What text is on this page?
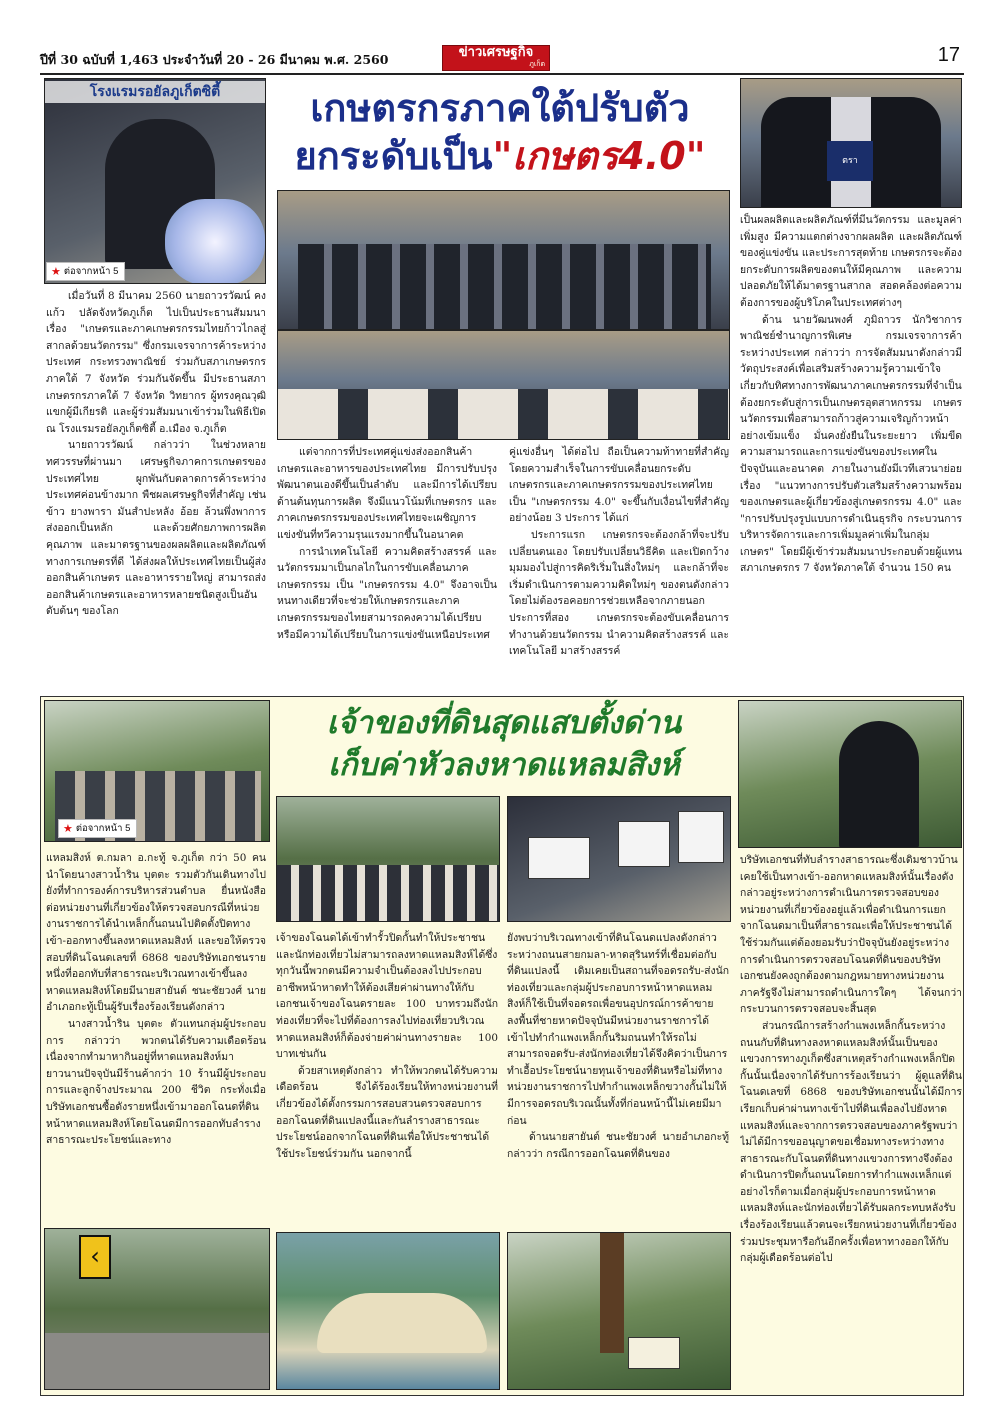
ปีที่ 30 ฉบับที่ 1,463 ประจำวันที่ 20 - 26 มีนาคม พ.ศ. 2560	ข่าวเศรษฐกิจ
ภูเก็ต	17
โรงแรมรอยัลภูเก็ตซิตี้
★ ต่อจากหน้า 5
เกษตรกรภาคใต้ปรับตัว
ยกระดับเป็น"เกษตร4.0"	ตรา

เมื่อวันที่ 8 มีนาคม 2560 นายถาวรวัฒน์ คงแก้ว ปลัดจังหวัดภูเก็ต ไปเป็นประธานสัมมนา เรื่อง "เกษตรและภาคเกษตรกรรมไทยก้าวไกลสู่สากลด้วยนวัตกรรม" ซึ่งกรมเจรจาการค้าระหว่างประเทศ กระทรวงพาณิชย์ ร่วมกับสภาเกษตรกรภาคใต้ 7 จังหวัด ร่วมกันจัดขึ้น มีประธานสภาเกษตรกรภาคใต้ 7 จังหวัด วิทยากร ผู้ทรงคุณวุฒิ แขกผู้มีเกียรติ และผู้ร่วมสัมมนาเข้าร่วมในพิธีเปิด ณ โรงแรมรอยัลภูเก็ตซิตี้ อ.เมือง จ.ภูเก็ต

นายถาวรวัฒน์ กล่าวว่า ในช่วงหลายทศวรรษที่ผ่านมา เศรษฐกิจภาคการเกษตรของประเทศไทย ผูกพันกับตลาดการค้าระหว่างประเทศค่อนข้างมาก พืชผลเศรษฐกิจที่สำคัญ เช่น ข้าว ยางพารา มันสำปะหลัง อ้อย ล้วนพึ่งพาการส่งออกเป็นหลัก และด้วยศักยภาพการผลิต คุณภาพ และมาตรฐานของผลผลิตและผลิตภัณฑ์ทางการเกษตรที่ดี ได้ส่งผลให้ประเทศไทยเป็นผู้ส่งออกสินค้าเกษตร และอาหารรายใหญ่ สามารถส่งออกสินค้าเกษตรและอาหารหลายชนิดสูงเป็นอันดับต้นๆ ของโลก

แต่จากการที่ประเทศคู่แข่งส่งออกสินค้าเกษตรและอาหารของประเทศไทย มีการปรับปรุงพัฒนาตนเองดีขึ้นเป็นลำดับ และมีการได้เปรียบด้านต้นทุนการผลิต จึงมีแนวโน้มที่เกษตรกร และภาคเกษตรกรรมของประเทศไทยจะเผชิญการแข่งขันที่ทวีความรุนแรงมากขึ้นในอนาคต

การนำเทคโนโลยี ความคิดสร้างสรรค์ และนวัตกรรมมาเป็นกลไกในการขับเคลื่อนภาคเกษตรกรรม เป็น "เกษตรกรรม 4.0" จึงอาจเป็นหนทางเดียวที่จะช่วยให้เกษตรกรและภาคเกษตรกรรมของไทยสามารถคงความได้เปรียบหรือมีความได้เปรียบในการแข่งขันเหนือประเทศ

คู่แข่งอื่นๆ ได้ต่อไป ถือเป็นความท้าทายที่สำคัญ โดยความสำเร็จในการขับเคลื่อนยกระดับเกษตรกรและภาคเกษตรกรรมของประเทศไทย เป็น "เกษตรกรรม 4.0" จะขึ้นกับเงื่อนไขที่สำคัญอย่างน้อย 3 ประการ ได้แก่

ประการแรก เกษตรกรจะต้องกล้าที่จะปรับเปลี่ยนตนเอง โดยปรับเปลี่ยนวิธีคิด และเปิดกว้างมุมมองไปสู่การคิดริเริ่มในสิ่งใหม่ๆ และกล้าที่จะเริ่มดำเนินการตามความคิดใหม่ๆ ของตนดังกล่าว โดยไม่ต้องรอคอยการช่วยเหลือจากภายนอก ประการที่สอง เกษตรกรจะต้องขับเคลื่อนการทำงานด้วยนวัตกรรม นำความคิดสร้างสรรค์ และเทคโนโลยี มาสร้างสรรค์

เป็นผลผลิตและผลิตภัณฑ์ที่มีนวัตกรรม และมูลค่าเพิ่มสูง มีความแตกต่างจากผลผลิต และผลิตภัณฑ์ของคู่แข่งขัน และประการสุดท้าย เกษตรกรจะต้องยกระดับการผลิตของตนให้มีคุณภาพ และความปลอดภัยให้ได้มาตรฐานสากล สอดคล้องต่อความต้องการของผู้บริโภคในประเทศต่างๆ

ด้าน นายวัฒนพงศ์ ภูมิถาวร นักวิชาการพาณิชย์ชำนาญการพิเศษ กรมเจรจาการค้าระหว่างประเทศ กล่าวว่า การจัดสัมมนาดังกล่าวมีวัตถุประสงค์เพื่อเสริมสร้างความรู้ความเข้าใจเกี่ยวกับทิศทางการพัฒนาภาคเกษตรกรรมที่จำเป็นต้องยกระดับสู่การเป็นเกษตรอุตสาหกรรม เกษตรนวัตกรรมเพื่อสามารถก้าวสู่ความเจริญก้าวหน้าอย่างเข้มแข็ง มั่นคงยั่งยืนในระยะยาว เพิ่มขีดความสามารถและการแข่งขันของประเทศในปัจจุบันและอนาคต ภายในงานยังมีเวทีเสวนาย่อยเรื่อง "แนวทางการปรับตัวเสริมสร้างความพร้อมของเกษตรและผู้เกี่ยวข้องสู่เกษตรกรรม 4.0" และ "การปรับปรุงรูปแบบการดำเนินธุรกิจ กระบวนการบริหารจัดการและการเพิ่มมูลค่าเพิ่มในกลุ่มเกษตร" โดยมีผู้เข้าร่วมสัมมนาประกอบด้วยผู้แทนสภาเกษตรกร 7 จังหวัดภาคใต้ จำนวน 150 คน

★ ต่อจากหน้า 5
เจ้าของที่ดินสุดแสบตั้งด่าน
เก็บค่าหัวลงหาดแหลมสิงห์

แหลมสิงห์ ต.กมลา อ.กะทู้ จ.ภูเก็ต กว่า 50 คน นำโดยนางสาวน้ำริน บุตตะ รวมตัวกันเดินทางไปยังที่ทำการองค์การบริหารส่วนตำบล ยื่นหนังสือต่อหน่วยงานที่เกี่ยวข้องให้ตรวจสอบกรณีที่หน่วยงานราชการได้นำเหล็กกั้นถนนไปติดตั้งปิดทางเข้า-ออกทางขึ้นลงหาดแหลมสิงห์ และขอให้ตรวจสอบที่ดินโฉนดเลขที่ 6868 ของบริษัทเอกชนรายหนึ่งที่ออกทับที่สาธารณะบริเวณทางเข้าขึ้นลงหาดแหลมสิงห์โดยมีนายสายันต์ ชนะชัยวงศ์ นายอำเภอกะทู้เป็นผู้รับเรื่องร้องเรียนดังกล่าว

นางสาวน้ำริน บุตตะ ตัวแทนกลุ่มผู้ประกอบการ กล่าวว่า พวกตนได้รับความเดือดร้อนเนื่องจากทำมาหากินอยู่ที่หาดแหลมสิงห์มายาวนานปัจจุบันมีร้านค้ากว่า 10 ร้านมีผู้ประกอบการและลูกจ้างประมาณ 200 ชีวิต กระทั่งเมื่อบริษัทเอกชนซื้อดังรายหนึ่งเข้ามาออกโฉนดที่ดินหน้าหาดแหลมสิงห์โดยโฉนดมีการออกทับลำรางสาธารณะประโยชน์และทาง

เจ้าของโฉนดได้เข้าทำรั้วปิดกั้นทำให้ประชาชนและนักท่องเที่ยวไม่สามารถลงหาดแหลมสิงห์ได้ซึ่งทุกวันนี้พวกตนมีความจำเป็นต้องลงไปประกอบอาชีพหน้าหาดทำให้ต้องเสียค่าผ่านทางให้กับเอกชนเจ้าของโฉนดรายละ 100 บาทรวมถึงนักท่องเที่ยวที่จะไปที่ต้องการลงไปท่องเที่ยวบริเวณหาดแหลมสิงห์ก็ต้องจ่ายค่าผ่านทางรายละ 100 บาทเช่นกัน

ด้วยสาเหตุดังกล่าว ทำให้พวกตนได้รับความเดือดร้อน จึงได้ร้องเรียนให้ทางหน่วยงานที่เกี่ยวข้องได้ตั้งกรรมการสอบสวนตรวจสอบการออกโฉนดที่ดินแปลงนี้และกันลำรางสาธารณะประโยชน์ออกจากโฉนดที่ดินเพื่อให้ประชาชนได้ใช้ประโยชน์ร่วมกัน นอกจากนี้

ยังพบว่าบริเวณทางเข้าที่ดินโฉนดแปลงดังกล่าวระหว่างถนนสายกมลา-หาดสุรินทร์ที่เชื่อมต่อกับที่ดินแปลงนี้ เดิมเคยเป็นสถานที่จอดรถรับ-ส่งนักท่องเที่ยวและกลุ่มผู้ประกอบการหน้าหาดแหลมสิงห์ก็ใช้เป็นที่จอดรถเพื่อขนอุปกรณ์การค้าขายลงพื้นที่ชายหาดปัจจุบันมีหน่วยงานราชการได้เข้าไปทำกำแพงเหล็กกั้นริมถนนทำให้รถไม่สามารถจอดรับ-ส่งนักท่องเที่ยวได้จึงคิดว่าเป็นการทำเอื้อประโยชน์นายทุนเจ้าของที่ดินหรือไม่ที่ทางหน่วยงานราชการไปทำกำแพงเหล็กขวางกั้นไม่ให้มีการจอดรถบริเวณนั้นทั้งที่ก่อนหน้านี้ไม่เคยมีมาก่อน

ด้านนายสายันต์ ชนะชัยวงศ์ นายอำเภอกะทู้ กล่าวว่า กรณีการออกโฉนดที่ดินของ

บริษัทเอกชนที่ทับลำรางสาธารณะซึ่งเดิมชาวบ้านเคยใช้เป็นทางเข้า-ออกหาดแหลมสิงห์นั้นเรื่องดังกล่าวอยู่ระหว่างการดำเนินการตรวจสอบของหน่วยงานที่เกี่ยวข้องอยู่แล้วเพื่อดำเนินการแยกจากโฉนดมาเป็นที่สาธารณะเพื่อให้ประชาชนได้ใช้ร่วมกันแต่ต้องยอมรับว่าปัจจุบันยังอยู่ระหว่างการดำเนินการตรวจสอบโฉนดที่ดินของบริษัทเอกชนยังคงถูกต้องตามกฎหมายทางหน่วยงานภาครัฐจึงไม่สามารถดำเนินการใดๆ ได้จนกว่ากระบวนการตรวจสอบจะสิ้นสุด

ส่วนกรณีการสร้างกำแพงเหล็กกั้นระหว่างถนนกับที่ดินทางลงหาดแหลมสิงห์นั้นเป็นของแขวงการทางภูเก็ตซึ่งสาเหตุสร้างกำแพงเหล็กปิดกั้นนั้นเนื่องจากได้รับการร้องเรียนว่า ผู้ดูแลที่ดินโฉนดเลขที่ 6868 ของบริษัทเอกชนนั้นได้มีการเรียกเก็บค่าผ่านทางเข้าไปที่ดินเพื่อลงไปยังหาดแหลมสิงห์และจากการตรวจสอบของภาครัฐพบว่าไม่ได้มีการขออนุญาตขอเชื่อมทางระหว่างทางสาธารณะกับโฉนดที่ดินทางแขวงการทางจึงต้องดำเนินการปิดกั้นถนนโดยการทำกำแพงเหล็กแต่อย่างไรก็ตามเมื่อกลุ่มผู้ประกอบการหน้าหาดแหลมสิงห์และนักท่องเที่ยวได้รับผลกระทบหลังรับเรื่องร้องเรียนแล้วตนจะเรียกหน่วยงานที่เกี่ยวข้องร่วมประชุมหารือกันอีกครั้งเพื่อหาทางออกให้กับกลุ่มผู้เดือดร้อนต่อไป

‹
